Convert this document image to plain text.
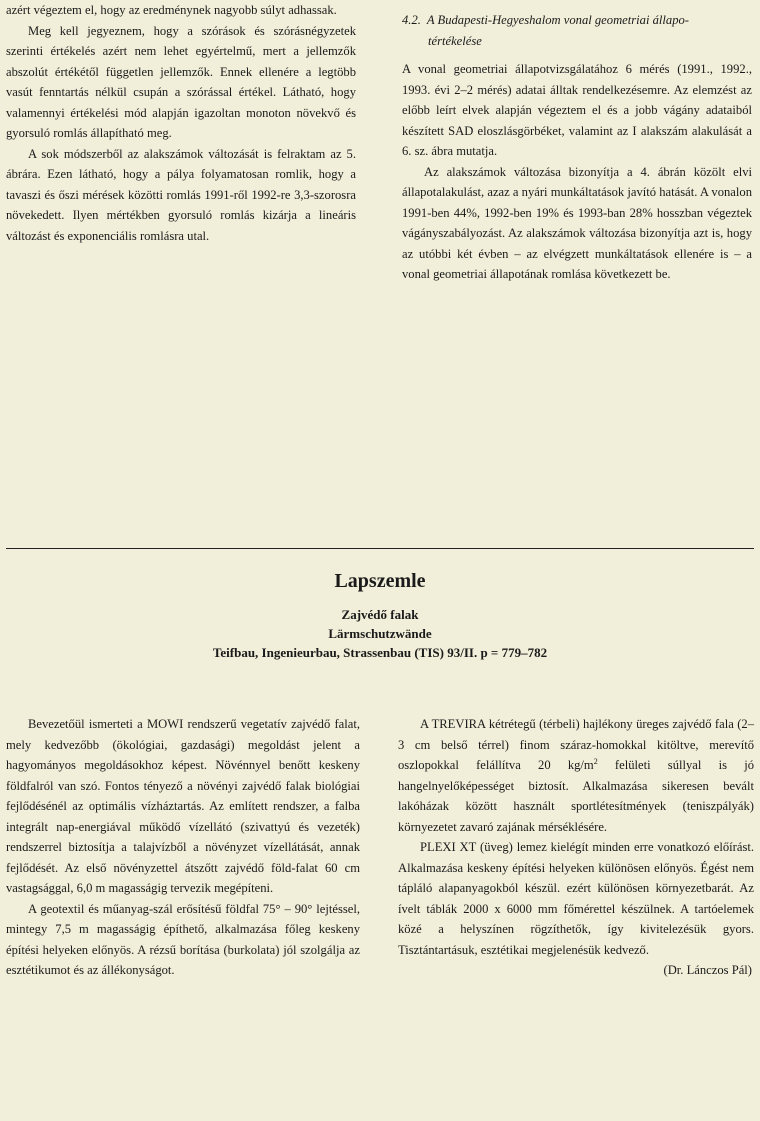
azért végeztem el, hogy az eredménynek nagyobb súlyt adhassak.

Meg kell jegyeznem, hogy a szórások és szórásnégyzetek szerinti értékelés azért nem lehet egyértelmű, mert a jellemzők abszolút értékétől független jellemzők. Ennek ellenére a legtöbb vasút fenntartás nélkül csupán a szórással értékel. Látható, hogy valamennyi értékelési mód alapján igazoltan monoton növekvő és gyorsuló romlás állapítható meg.

A sok módszerből az alakszámok változását is felraktam az 5. ábrára. Ezen látható, hogy a pálya folyamatosan romlik, hogy a tavaszi és őszi mérések közötti romlás 1991-ről 1992-re 3,3-szorosra növekedett. Ilyen mértékben gyorsuló romlás kizárja a lineáris változást és exponenciális romlásra utal.

4.2. A Budapesti-Hegyeshalom vonal geometriai állapo-
tértékelése

A vonal geometriai állapotvizsgálatához 6 mérés (1991., 1992., 1993. évi 2–2 mérés) adatai álltak rendelkezésemre. Az elemzést az előbb leírt elvek alapján végeztem el és a jobb vágány adataiból készített SAD eloszlásgörbéket, valamint az I alakszám alakulását a 6. sz. ábra mutatja.

Az alakszámok változása bizonyítja a 4. ábrán közölt elvi állapotalakulást, azaz a nyári munkáltatások javító hatását. A vonalon 1991-ben 44%, 1992-ben 19% és 1993-ban 28% hosszban végeztek vágányszabályozást. Az alakszámok változása bizonyítja azt is, hogy az utóbbi két évben – az elvégzett munkáltatások ellenére is – a vonal geometriai állapotának romlása következett be.

Lapszemle
Zajvédő falak
Lärmschutzwände
Teifbau, Ingenieurbau, Strassenbau (TIS) 93/II. p = 779–782

Bevezetőül ismerteti a MOWI rendszerű vegetatív zajvédő falat, mely kedvezőbb (ökológiai, gazdasági) megoldást jelent a hagyományos megoldásokhoz képest. Növénnyel benőtt keskeny földfalról van szó. Fontos tényező a növényi zajvédő falak biológiai fejlődésénél az optimális vízháztartás. Az említett rendszer, a falba integrált nap-energiával működő vízellátó (szivattyú és vezeték) rendszerrel biztosítja a talajvízből a növényzet vízellátását, annak fejlődését. Az első növényzettel átszőtt zajvédő föld-falat 60 cm vastagsággal, 6,0 m magasságig tervezik megépíteni.

A geotextil és műanyag-szál erősítésű földfal 75° – 90° lejtéssel, mintegy 7,5 m magasságig építhető, alkalmazása főleg keskeny építési helyeken előnyös. A rézsű borítása (burkolata) jól szolgálja az esztétikumot és az állékonyságot.

A TREVIRA kétrétegű (térbeli) hajlékony üreges zajvédő fala (2–3 cm belső térrel) finom száraz-homokkal kitöltve, merevítő oszlopokkal felállítva 20 $kg/m^2$ felületi súllyal is jó hangelnyelőképességet biztosít. Alkalmazása sikeresen bevált lakóházak között használt sportlétesítmények (teniszpályák) környezetet zavaró zajának mérséklésére.

PLEXI XT (üveg) lemez kielégít minden erre vonatkozó előírást. Alkalmazása keskeny építési helyeken különösen előnyös. Égést nem tápláló alapanyagokból készül. ezért különösen környezetbarát. Az ívelt táblák 2000 x 6000 mm főmérettel készülnek. A tartóelemek közé a helyszínen rögzíthetők, így kivitelezésük gyors. Tisztántartásuk, esztétikai megjelenésük kedvező.

(Dr. Lánczos Pál)
